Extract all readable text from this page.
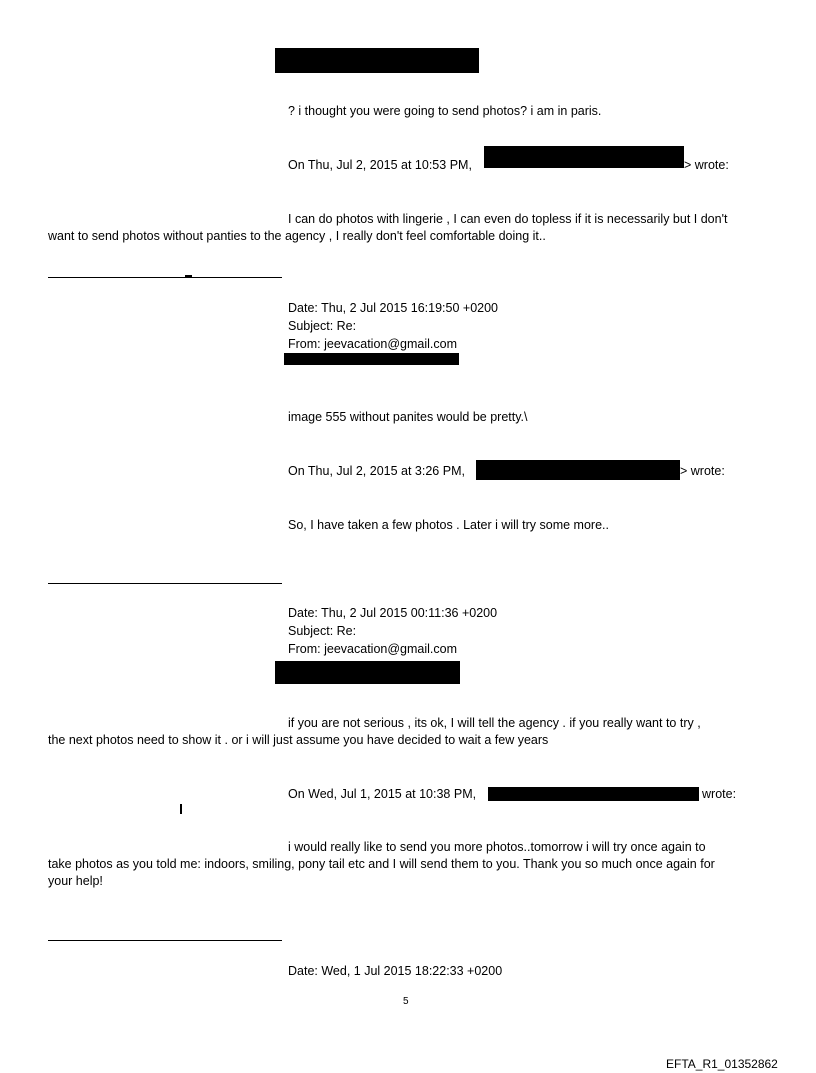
? i thought you were going to send photos? i am in paris.
On Thu, Jul 2, 2015 at 10:53 PM,	> wrote:
I can do photos with lingerie , I can even do topless if it is necessarily but I don't
want to send photos without panties to the agency , I really don't feel comfortable doing it..
Date: Thu, 2 Jul 2015 16:19:50 +0200
Subject: Re:
From: jeevacation@gmail.com
image 555 without panites would be pretty.\
On Thu, Jul 2, 2015 at 3:26 PM,	> wrote:
So, I have taken a few photos . Later i will try some more..
Date: Thu, 2 Jul 2015 00:11:36 +0200
Subject: Re:
From: jeevacation@gmail.com
if you are not serious , its ok, I will tell the agency . if you really want to try ,
the next photos need to show it . or i will just assume you have decided to wait a few years
On Wed, Jul 1, 2015 at 10:38 PM,	wrote:
i would really like to send you more photos..tomorrow i will try once again to
take photos as you told me: indoors, smiling, pony tail etc and I will send them to you. Thank you so much once again for
your help!
Date: Wed, 1 Jul 2015 18:22:33 +0200
5
EFTA_R1_01352862
